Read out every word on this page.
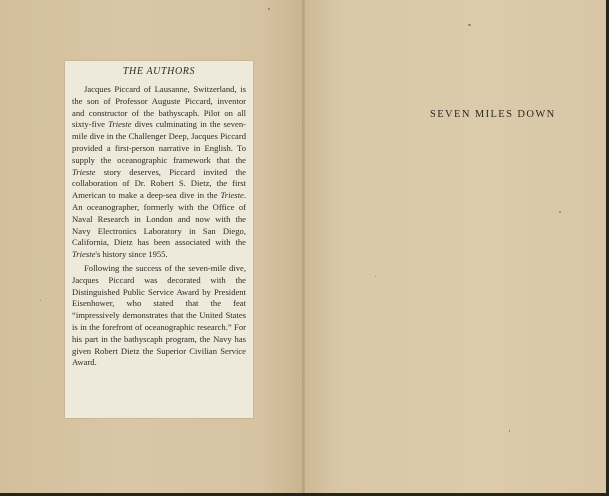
THE AUTHORS

Jacques Piccard of Lausanne, Switzerland, is the son of Professor Auguste Piccard, inventor and constructor of the bathyscaph. Pilot on all sixty-five Trieste dives culminating in the seven-mile dive in the Challenger Deep, Jacques Piccard provided a first-person narrative in English. To supply the oceanographic framework that the Trieste story deserves, Piccard invited the collaboration of Dr. Robert S. Dietz, the first American to make a deep-sea dive in the Trieste. An oceanographer, formerly with the Office of Naval Research in London and now with the Navy Electronics Laboratory in San Diego, California, Dietz has been associated with the Trieste's history since 1955.

Following the success of the seven-mile dive, Jacques Piccard was decorated with the Distinguished Public Service Award by President Eisenhower, who stated that the feat “impressively demonstrates that the United States is in the forefront of oceanographic research.” For his part in the bathyscaph program, the Navy has given Robert Dietz the Superior Civilian Service Award.

SEVEN MILES DOWN
